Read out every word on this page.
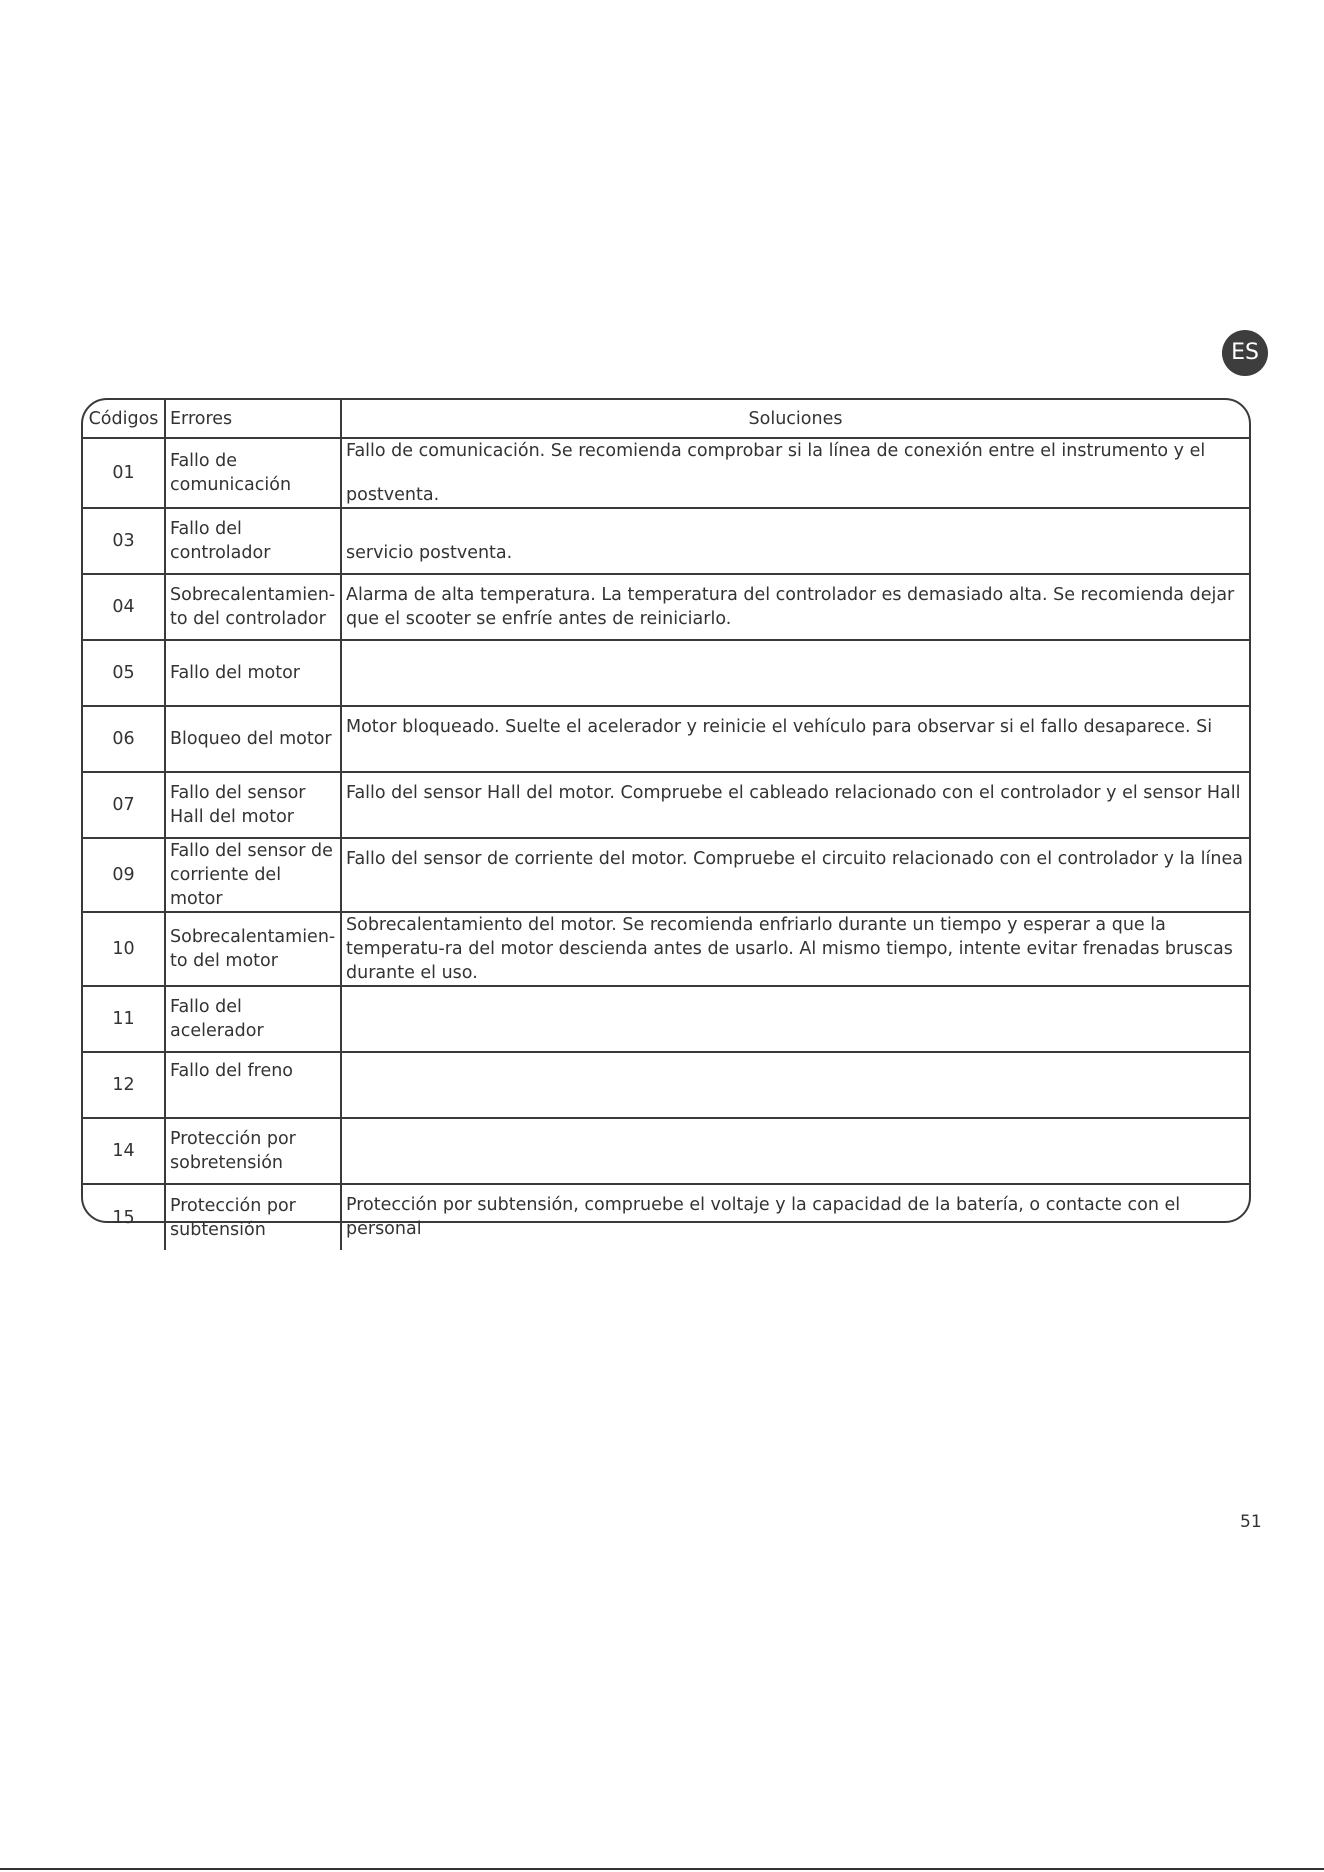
ES
Códigos	Errores	Soluciones
01	Fallo de comunicación	Fallo de comunicación. Se recomienda comprobar si la línea de conexión entre el instrumento y el
postventa.

03	Fallo del controlador	servicio postventa.
04	Sobrecalentamien-to del controlador	Alarma de alta temperatura. La temperatura del controlador es demasiado alta. Se recomienda dejar que el scooter se enfríe antes de reiniciarlo.
05	Fallo del motor	
06	Bloqueo del motor	Motor bloqueado. Suelte el acelerador y reinicie el vehículo para observar si el fallo desaparece. Si
07	Fallo del sensor Hall del motor	Fallo del sensor Hall del motor. Compruebe el cableado relacionado con el controlador y el sensor Hall
09	Fallo del sensor de corriente del motor	Fallo del sensor de corriente del motor. Compruebe el circuito relacionado con el controlador y la línea
10	Sobrecalentamien-to del motor	Sobrecalentamiento del motor. Se recomienda enfriarlo durante un tiempo y esperar a que la temperatu-ra del motor descienda antes de usarlo. Al mismo tiempo, intente evitar frenadas bruscas durante el uso.
11	Fallo del acelerador	
12	Fallo del freno	
14	Protección por sobretensión	
15	Protección por subtensión	Protección por subtensión, compruebe el voltaje y la capacidad de la batería, o contacte con el personal
51
